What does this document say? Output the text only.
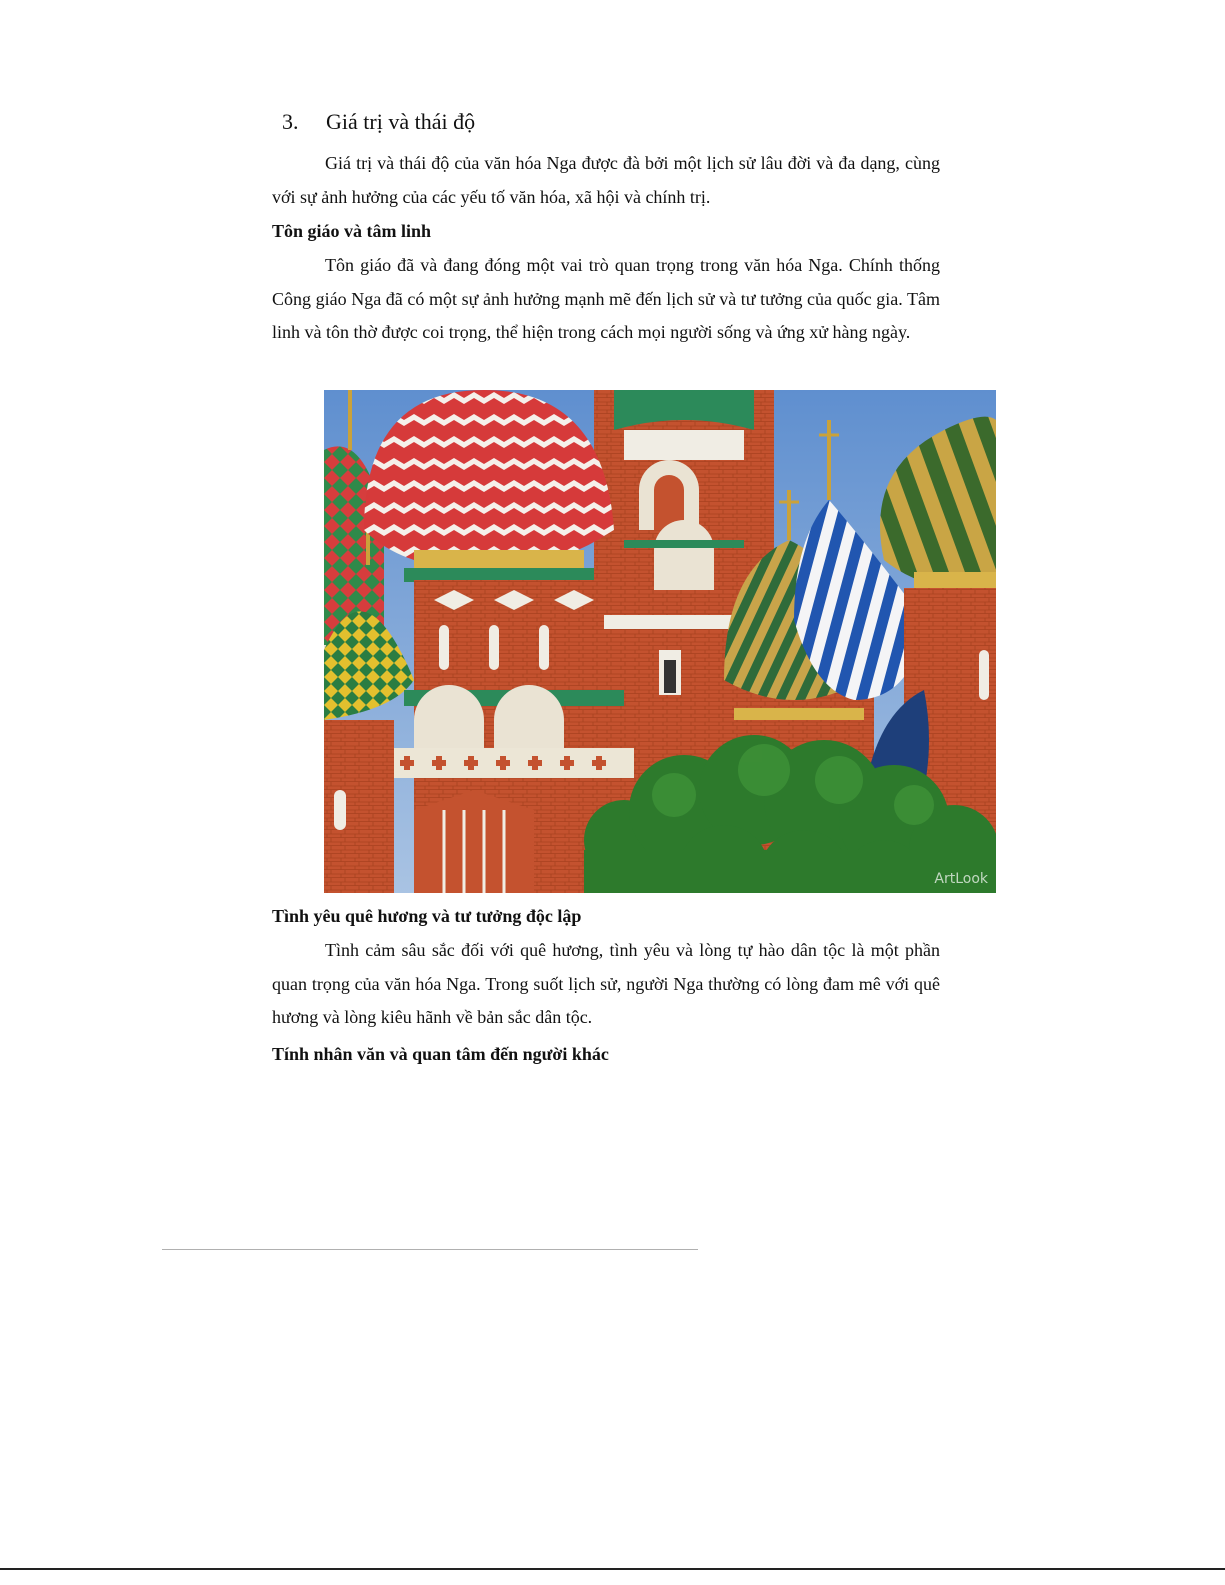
3.	Giá trị và thái độ

Giá trị và thái độ của văn hóa Nga được đà bởi một lịch sử lâu đời và đa dạng, cùng với sự ảnh hưởng của các yếu tố văn hóa, xã hội và chính trị.

Tôn giáo và tâm linh

Tôn giáo đã và đang đóng một vai trò quan trọng trong văn hóa Nga. Chính thống Công giáo Nga đã có một sự ảnh hưởng mạnh mẽ đến lịch sử và tư tưởng của quốc gia. Tâm linh và tôn thờ được coi trọng, thể hiện trong cách mọi người sống và ứng xử hàng ngày.

ArtLook

Tình yêu quê hương và tư tưởng độc lập

Tình cảm sâu sắc đối với quê hương, tình yêu và lòng tự hào dân tộc là một phần quan trọng của văn hóa Nga. Trong suốt lịch sử, người Nga thường có lòng đam mê với quê hương và lòng kiêu hãnh về bản sắc dân tộc.

Tính nhân văn và quan tâm đến người khác
